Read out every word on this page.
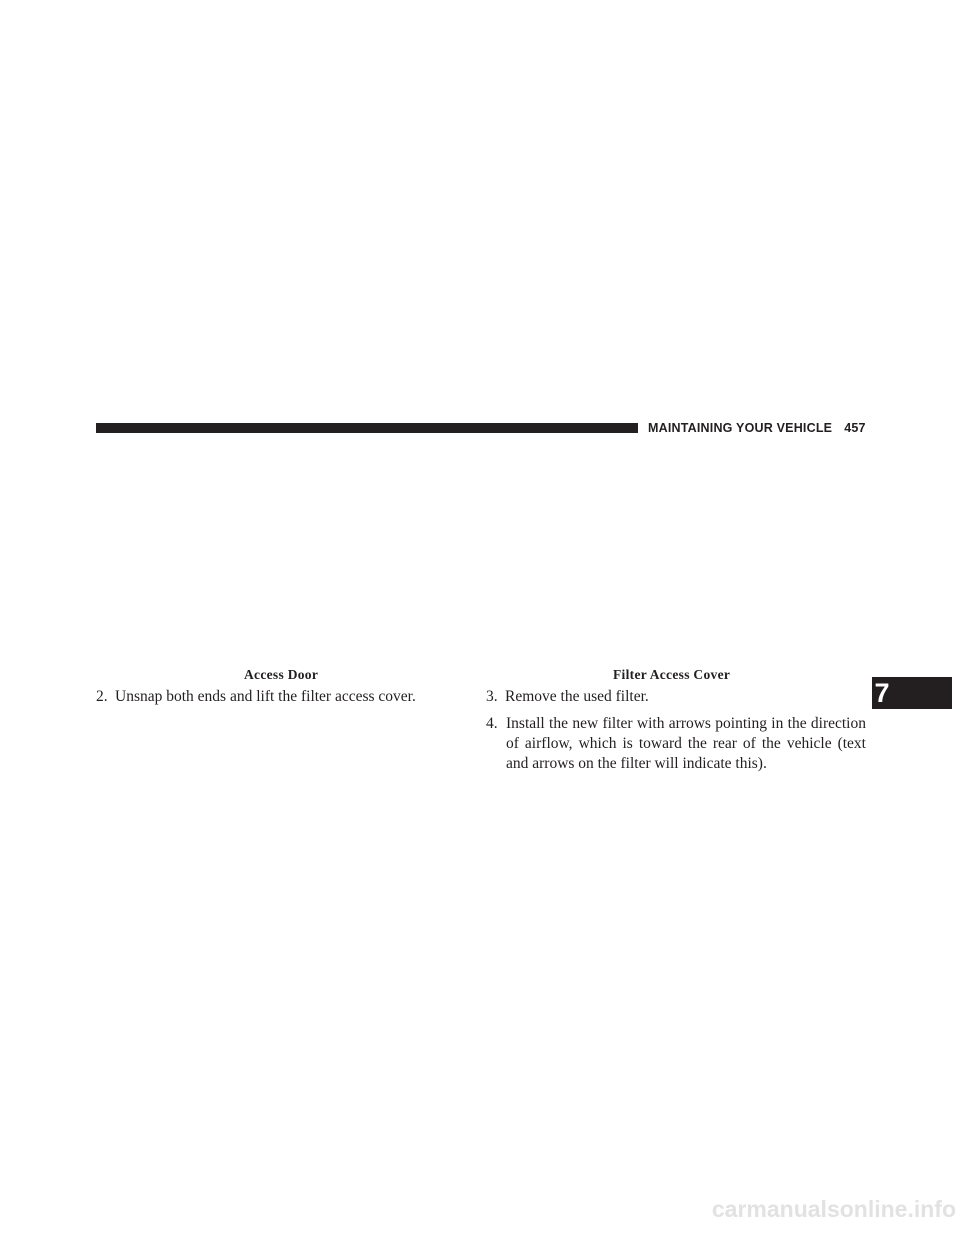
MAINTAINING YOUR VEHICLE 457
Access Door	Filter Access Cover
2. Unsnap both ends and lift the filter access cover.	3. Remove the used filter.
4. Install the new filter with arrows pointing in the direction of airflow, which is toward the rear of the vehicle (text and arrows on the filter will indicate this).
7
carmanualsonline.info
